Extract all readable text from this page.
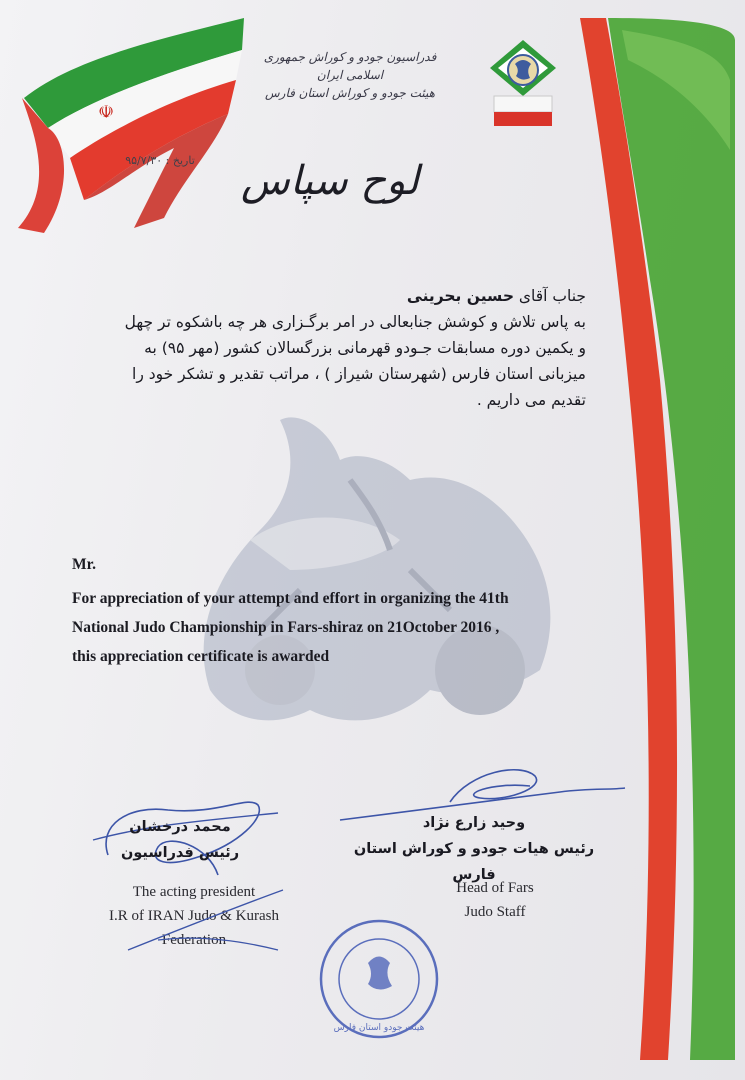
☫
فدراسیون جودو و کوراش جمهوری اسلامی ایران
هیئت جودو و کوراش استان فارس
تاریخ : ۹۵/۷/۳۰	لوح سپاس
جناب آقای حسین بحرینی
به پاس تلاش و کوشش جنابعالی در امر برگـزاری هر چه باشکوه تر چهل
و یکمین دوره مسابقات جـودو قهرمانی بزرگسالان کشور (مهر ۹۵) به
میزبانی استان فارس (شهرستان شیراز ) ، مراتب تقدیر و تشکر خود را
تقدیم می داریم .
Mr.
For appreciation of your attempt and effort in organizing the 41th
National Judo Championship in Fars-shiraz on 21October 2016 ,
this appreciation certificate is awarded
وحید زارع نژاد
رئیس هیات جودو و کوراش استان فارس
محمد درخشان
رئیس فدراسیون
The acting president
I.R of IRAN Judo & Kurash
Federation
Head of Fars
Judo Staff
هیئت جودو استان فارس
